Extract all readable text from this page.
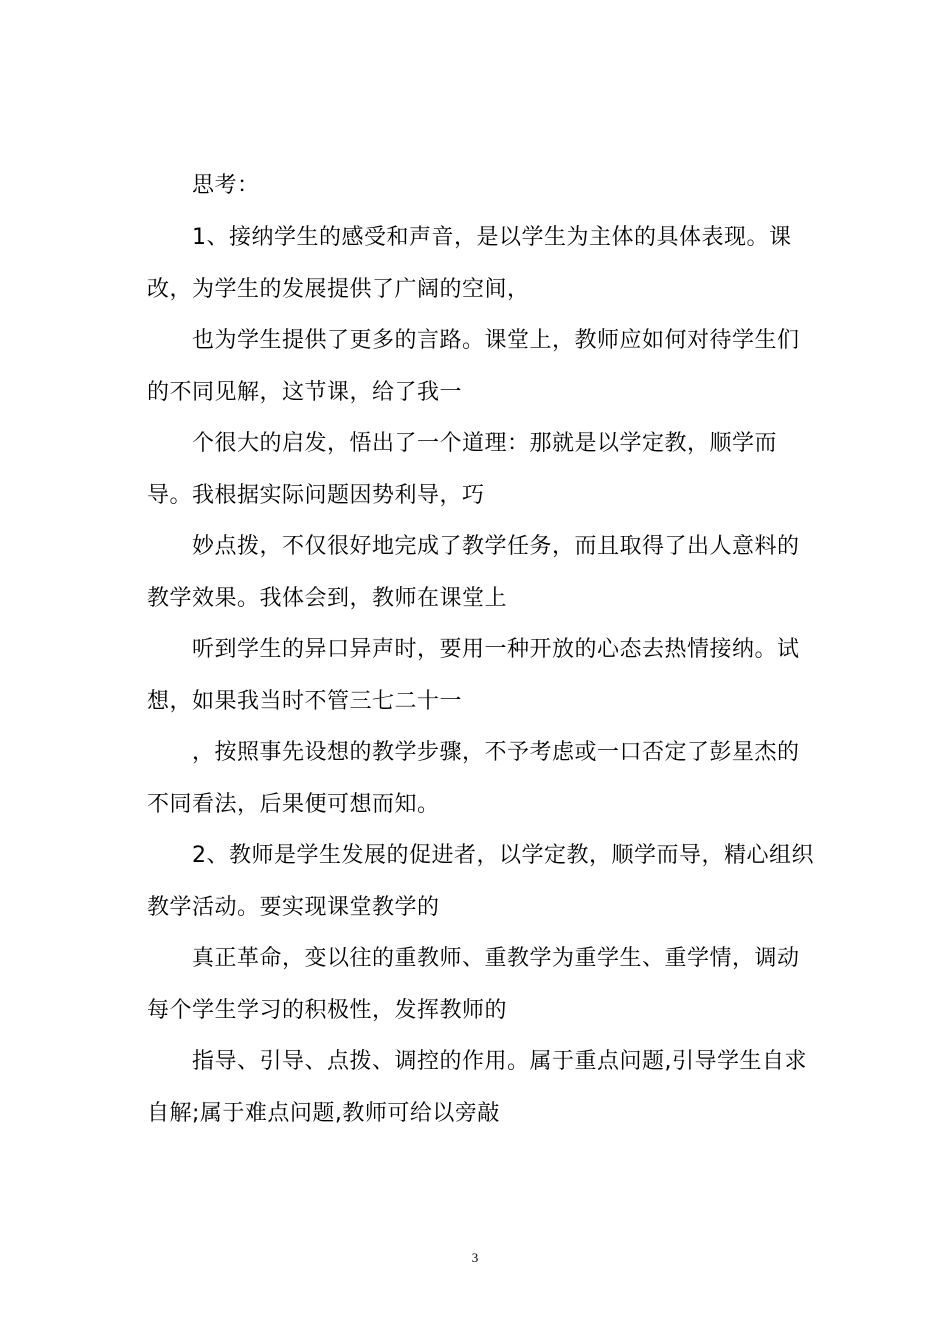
思考：
1、接纳学生的感受和声音，是以学生为主体的具体表现。课
改，为学生的发展提供了广阔的空间，
也为学生提供了更多的言路。课堂上，教师应如何对待学生们
的不同见解，这节课，给了我一
个很大的启发，悟出了一个道理：那就是以学定教，顺学而
导。我根据实际问题因势利导，巧
妙点拨，不仅很好地完成了教学任务，而且取得了出人意料的
教学效果。我体会到，教师在课堂上
听到学生的异口异声时，要用一种开放的心态去热情接纳。试
想，如果我当时不管三七二十一
，按照事先设想的教学步骤，不予考虑或一口否定了彭星杰的
不同看法，后果便可想而知。
2、教师是学生发展的促进者，以学定教，顺学而导，精心组织
教学活动。要实现课堂教学的
真正革命，变以往的重教师、重教学为重学生、重学情，调动
每个学生学习的积极性，发挥教师的
指导、引导、点拨、调控的作用。属于重点问题,引导学生自求
自解;属于难点问题,教师可给以旁敲
3
